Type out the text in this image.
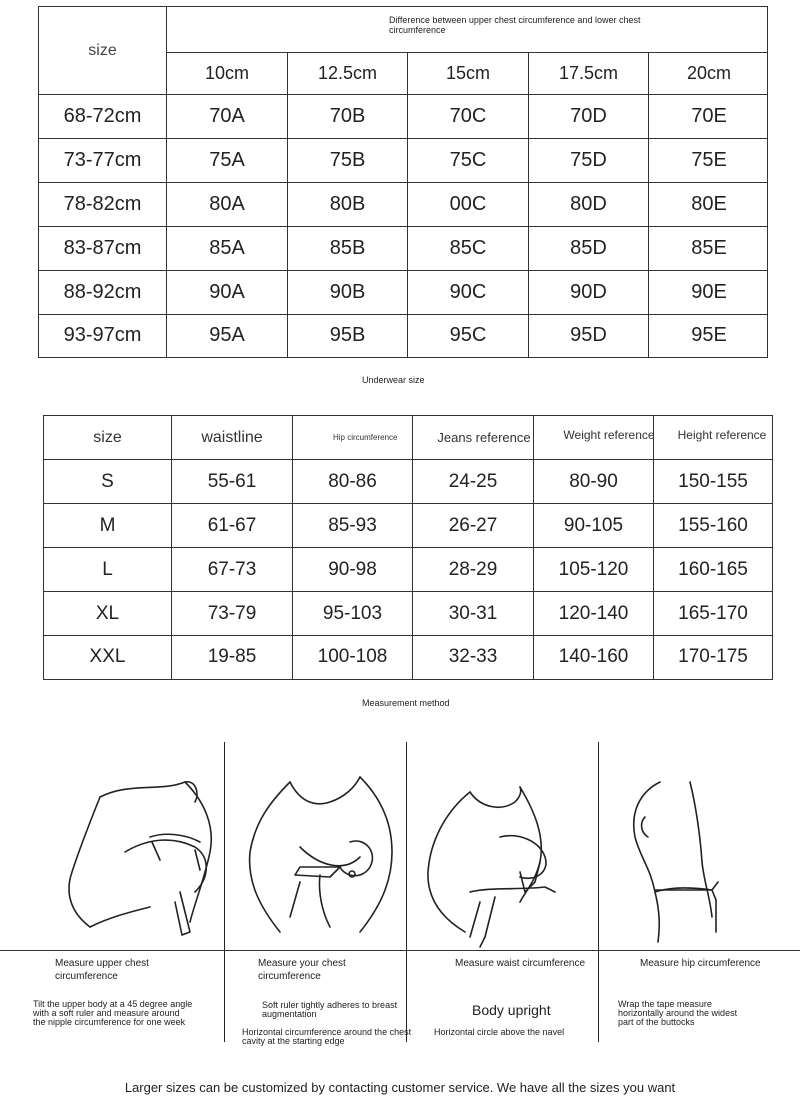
size
Difference between upper chest circumference and lower chest circumference
10cm	12.5cm	15cm	17.5cm	20cm
68-72cm	70A	70B	70C	70D	70E
73-77cm	75A	75B	75C	75D	75E
78-82cm	80A	80B	00C	80D	80E
83-87cm	85A	85B	85C	85D	85E
88-92cm	90A	90B	90C	90D	90E
93-97cm	95A	95B	95C	95D	95E
Underwear size
size	waistline	Hip circumference	Jeans reference	Weight reference	Height reference
S	55-61	80-86	24-25	80-90	150-155
M	61-67	85-93	26-27	90-105	155-160
L	67-73	90-98	28-29	105-120	160-165
XL	73-79	95-103	30-31	120-140	165-170
XXL	19-85	100-108	32-33	140-160	170-175
Measurement method
Measure upper chest circumference
Tilt the upper body at a 45 degree angle with a soft ruler and measure around the nipple circumference for one week
Measure your chest circumference
Soft ruler tightly adheres to breast augmentation
Horizontal circumference around the chest cavity at the starting edge
Measure waist circumference
Body upright
Horizontal circle above the navel
Measure hip circumference
Wrap the tape measure horizontally around the widest part of the buttocks
Larger sizes can be customized by contacting customer service. We have all the sizes you want
